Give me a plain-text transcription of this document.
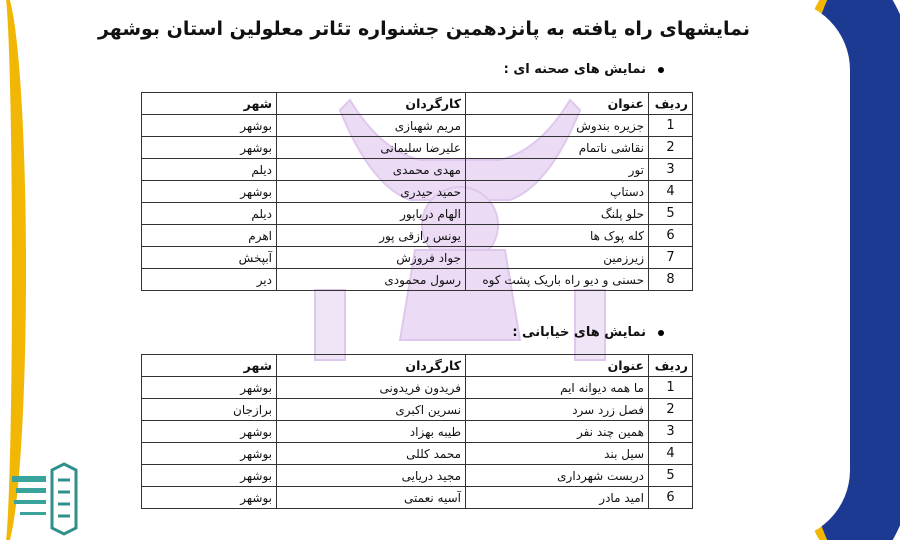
نمایشهای راه یافته به پانزدهمین جشنواره تئاتر معلولین استان بوشهر
نمایش های صحنه ای :
ردیف	عنوان	کارگردان	شهر
1	جزیره بندوش	مریم شهبازی	بوشهر
2	نقاشی ناتمام	علیرضا سلیمانی	بوشهر
3	تور	مهدی محمدی	دیلم
4	دستاپ	حمید حیدری	بوشهر
5	حلو پلنگ	الهام دریاپور	دیلم
6	کله پوک ها	یونس رازقی پور	اهرم
7	زیرزمین	جواد فروزش	آبپخش
8	حسنی و دیو راه باریک پشت کوه	رسول محمودی	دیر
نمایش های خیابانی :
ردیف	عنوان	کارگردان	شهر
1	ما همه دیوانه ایم	فریدون فریدونی	بوشهر
2	فصل زرد سرد	نسرین اکبری	برازجان
3	همین چند نفر	طیبه بهزاد	بوشهر
4	سیل بند	محمد کللی	بوشهر
5	دربست شهرداری	مجید دریایی	بوشهر
6	امید مادر	آسیه نعمتی	بوشهر
